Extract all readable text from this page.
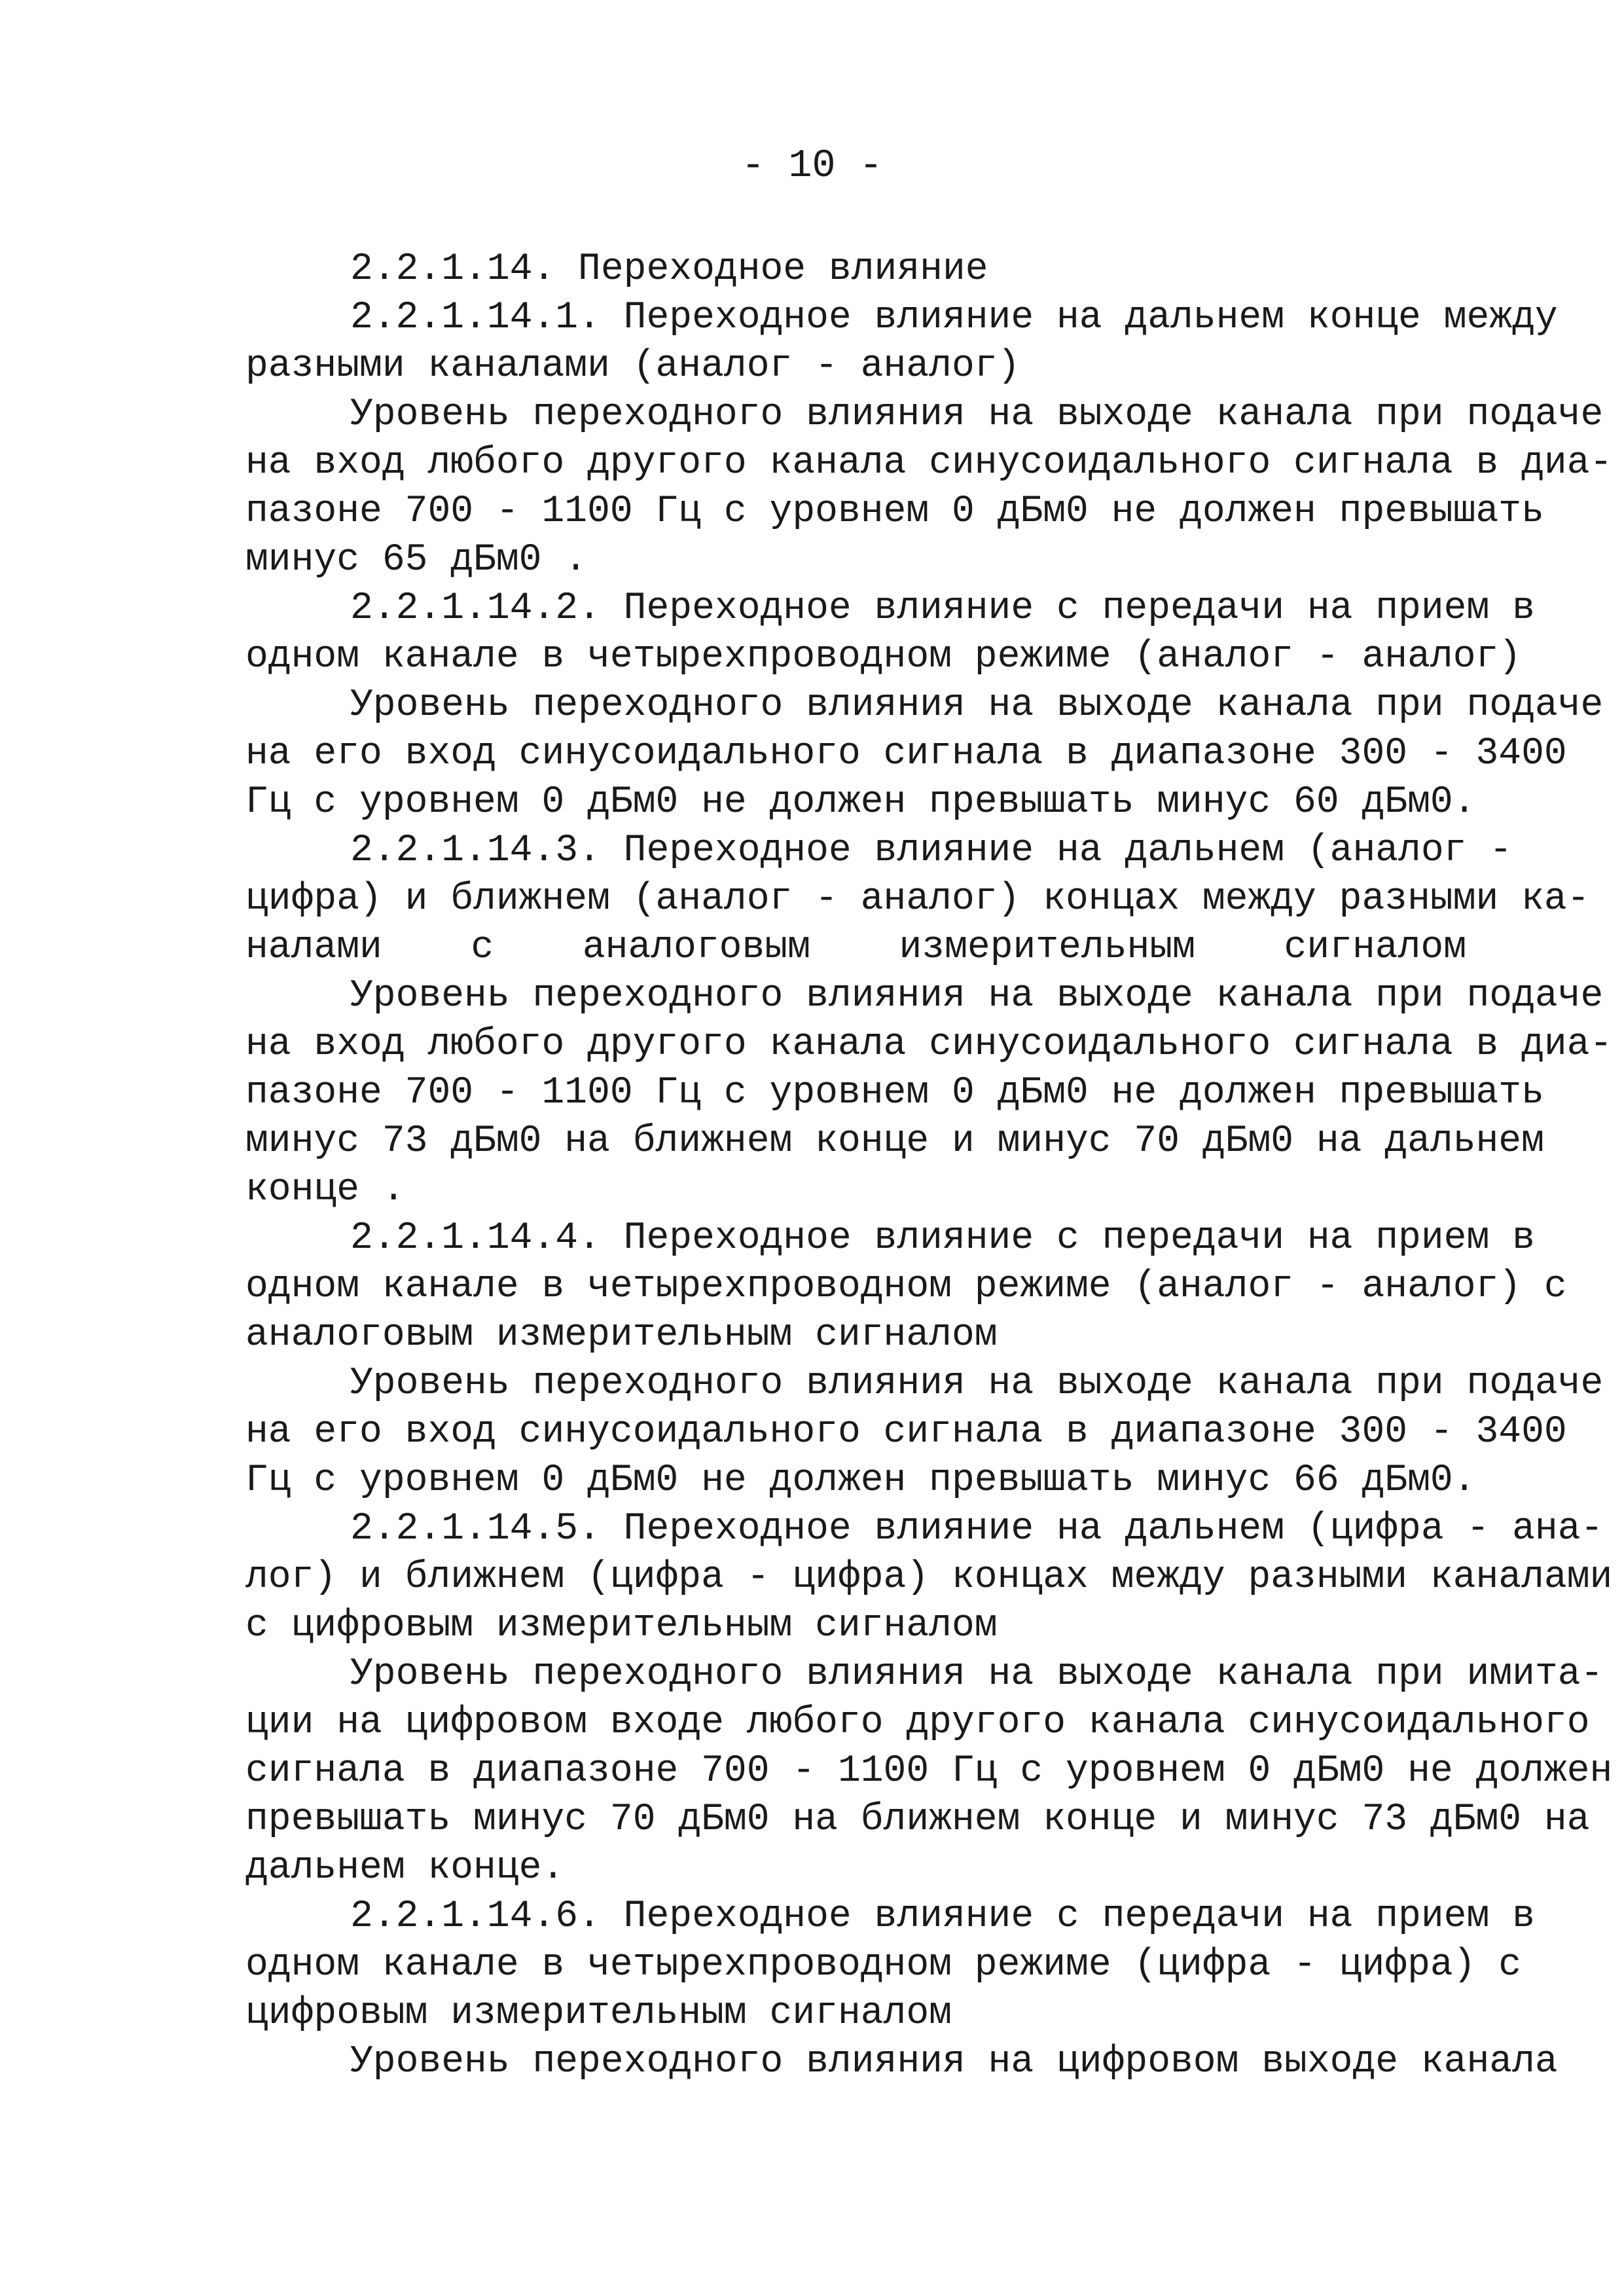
- 10 -
2.2.1.14. Переходное влияние
2.2.1.14.1. Переходное влияние на дальнем конце между
разными каналами (аналог - аналог)
Уровень переходного влияния на выходе канала при подаче
на вход любого другого канала синусоидального сигнала в диа-
пазоне 700 - 1100 Гц с уровнем 0 дБм0 не должен превышать
минус 65 дБм0 .
2.2.1.14.2. Переходное влияние с передачи на прием в
одном канале в четырехпроводном режиме (аналог - аналог)
Уровень переходного влияния на выходе канала при подаче
на его вход синусоидального сигнала в диапазоне 300 - 3400
Гц с уровнем 0 дБм0 не должен превышать минус 60 дБм0.
2.2.1.14.3. Переходное влияние на дальнем (аналог -
цифра) и ближнем (аналог - аналог) концах между разными ка-
налами с аналоговым измерительным сигналом
Уровень переходного влияния на выходе канала при подаче
на вход любого другого канала синусоидального сигнала в диа-
пазоне 700 - 1100 Гц с уровнем 0 дБм0 не должен превышать
минус 73 дБм0 на ближнем конце и минус 70 дБм0 на дальнем
конце .
2.2.1.14.4. Переходное влияние с передачи на прием в
одном канале в четырехпроводном режиме (аналог - аналог) с
аналоговым измерительным сигналом
Уровень переходного влияния на выходе канала при подаче
на его вход синусоидального сигнала в диапазоне 300 - 3400
Гц с уровнем 0 дБм0 не должен превышать минус 66 дБм0.
2.2.1.14.5. Переходное влияние на дальнем (цифра - ана-
лог) и ближнем (цифра - цифра) концах между разными каналами
с цифровым измерительным сигналом
Уровень переходного влияния на выходе канала при имита-
ции на цифровом входе любого другого канала синусоидального
сигнала в диапазоне 700 - 1100 Гц с уровнем 0 дБм0 не должен
превышать минус 70 дБм0 на ближнем конце и минус 73 дБм0 на
дальнем конце.
2.2.1.14.6. Переходное влияние с передачи на прием в
одном канале в четырехпроводном режиме (цифра - цифра) с
цифровым измерительным сигналом
Уровень переходного влияния на цифровом выходе канала
